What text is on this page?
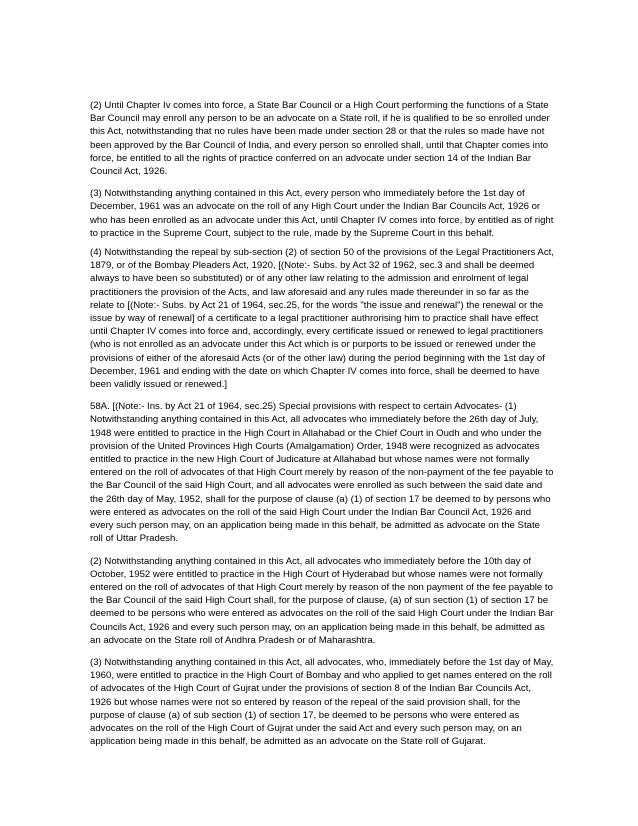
(2) Until Chapter Iv comes into force, a State Bar Council or a High Court performing the functions of a State Bar Council may enroll any person to be an advocate on a State roll, if he is qualified to be so enrolled under this Act, notwithstanding that no rules have been made under section 28 or that the rules so made have not been approved by the Bar Council of India, and every person so enrolled shall, until that Chapter comes into force, be entitled to all the rights of practice conferred on an advocate under section 14 of the Indian Bar Council Act, 1926.

(3) Notwithstanding anything contained in this Act, every person who immediately before the 1st day of December, 1961 was an advocate on the roll of any High Court under the Indian Bar Councils Act, 1926 or who has been enrolled as an advocate under this Act, until Chapter IV comes into force, by entitled as of right to practice in the Supreme Court, subject to the rule, made by the Supreme Court in this behalf.

(4) Notwithstanding the repeal by sub-section (2) of section 50 of the provisions of the Legal Practitioners Act, 1879, or of the Bombay Pleaders Act, 1920, [(Note:- Subs. by Act 32 of 1962, sec.3 and shall be deemed always to have been so substituted) or of any other law relating to the admission and enrolment of legal practitioners the provision of the Acts, and law aforesaid and any rules made thereunder in so far as the relate to [(Note:- Subs. by Act 21 of 1964, sec.25, for the words "the issue and renewal") the renewal or the issue by way of renewal] of a certificate to a legal practitioner authrorising him to practice shall have effect until Chapter IV comes into force and, accordingly, every certificate issued or renewed to legal practitioners (who is not enrolled as an advocate under this Act which is or purports to be issued or renewed under the provisions of either of the aforesaid Acts (or of the other law) during the period beginning with the 1st day of December, 1961 and ending with the date on which Chapter IV comes into force, shall be deemed to have been validly issued or renewed.]

58A. [(Note:- Ins. by Act 21 of 1964, sec.25) Special provisions with respect to certain Advocates- (1) Notwithstanding anything contained in this Act, all advocates who immediately before the 26th day of July, 1948 were entitled to practice in the High Court in Allahabad or the Chief Court in Oudh and who under the provision of the United Provinces High Courts (Amalgamation) Order, 1948 were recognized as advocates entitled to practice in the new High Court of Judicature at Allahabad but whose names were not formally entered on the roll of advocates of that High Court merely by reason of the non-payment of the fee payable to the Bar Council of the said High Court, and all advocates were enrolled as such between the said date and the 26th day of May, 1952, shall for the purpose of clause (a) (1) of section 17 be deemed to by persons who were entered as advocates on the roll of the said High Court under the Indian Bar Council Act, 1926 and every such person may, on an application being made in this behalf, be admitted as advocate on the State roll of Uttar Pradesh.

(2) Notwithstanding anything contained in this Act, all advocates who immediately before the 10th day of October, 1952 were entitled to practice in the High Court of Hyderabad but whose names were not formally entered on the roll of advocates of that High Court merely by reason of the non payment of the fee payable to the Bar Council of the said High Court shall, for the purpose of clause, (a) of sun section (1) of section 17 be deemed to be persons who were entered as advocates on the roll of the said High Court under the Indian Bar Councils Act, 1926 and every such person may, on an application being made in this behalf, be admitted as an advocate on the State roll of Andhra Pradesh or of Maharashtra.

(3) Notwithstanding anything contained in this Act, all advocates, who, immediately before the 1st day of May, 1960, were entitled to practice in the High Court of Bombay and who applied to get names entered on the roll of advocates of the High Court of Gujrat under the provisions of section 8 of the Indian Bar Councils Act, 1926 but whose names were not so entered by reason of the repeal of the said provision shall, for the purpose of clause (a) of sub section (1) of section 17, be deemed to be persons who were entered as advocates on the roll of the High Court of Gujrat under the said Act and every such person may, on an application being made in this behalf, be admitted as an advocate on the State roll of Gujarat.
